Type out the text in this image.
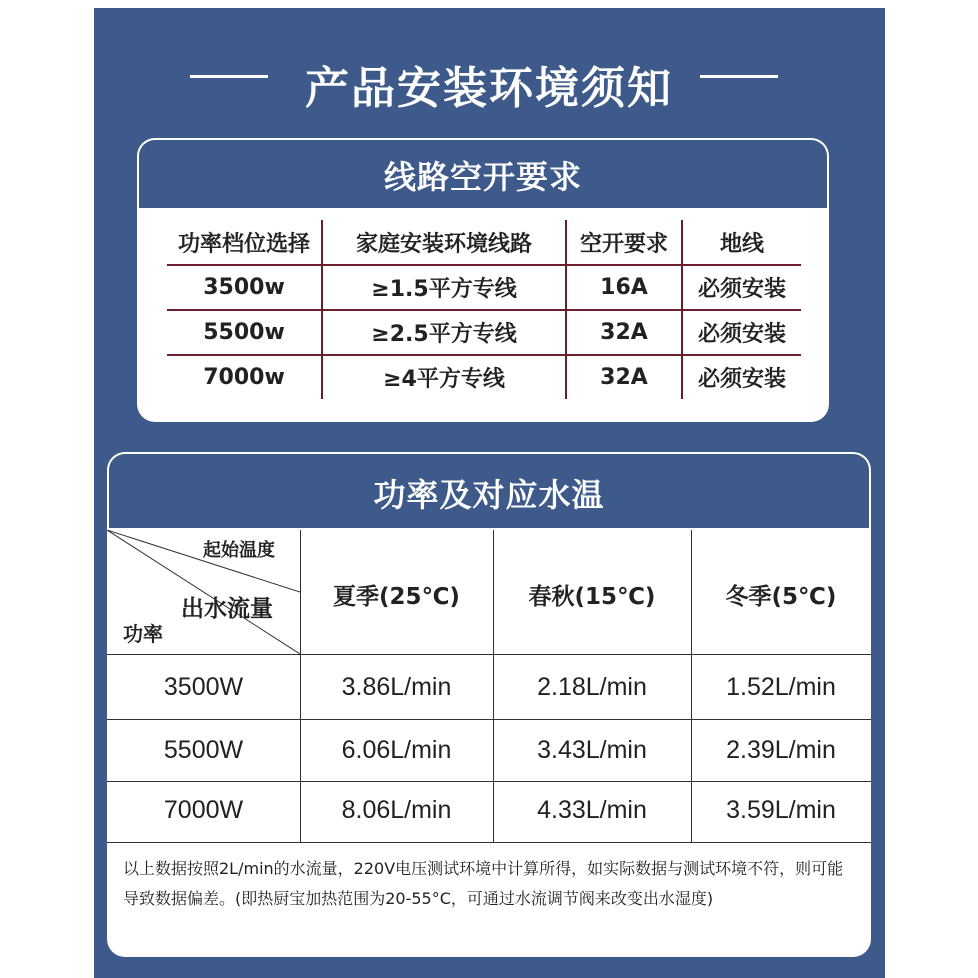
产品安装环境须知
线路空开要求
功率档位选择	家庭安装环境线路	空开要求	地线
3500w	≥1.5平方专线	16A	必须安装
5500w	≥2.5平方专线	32A	必须安装
7000w	≥4平方专线	32A	必须安装
功率及对应水温
起始温度
出水流量
功率
夏季(25℃)	春秋(15℃)	冬季(5℃)
3500W	3.86L/min	2.18L/min	1.52L/min
5500W	6.06L/min	3.43L/min	2.39L/min
7000W	8.06L/min	4.33L/min	3.59L/min
以上数据按照2L/min的水流量，220V电压测试环境中计算所得，如实际数据与测试环境不符，则可能导致数据偏差。(即热厨宝加热范围为20-55°C，可通过水流调节阀来改变出水湿度)
